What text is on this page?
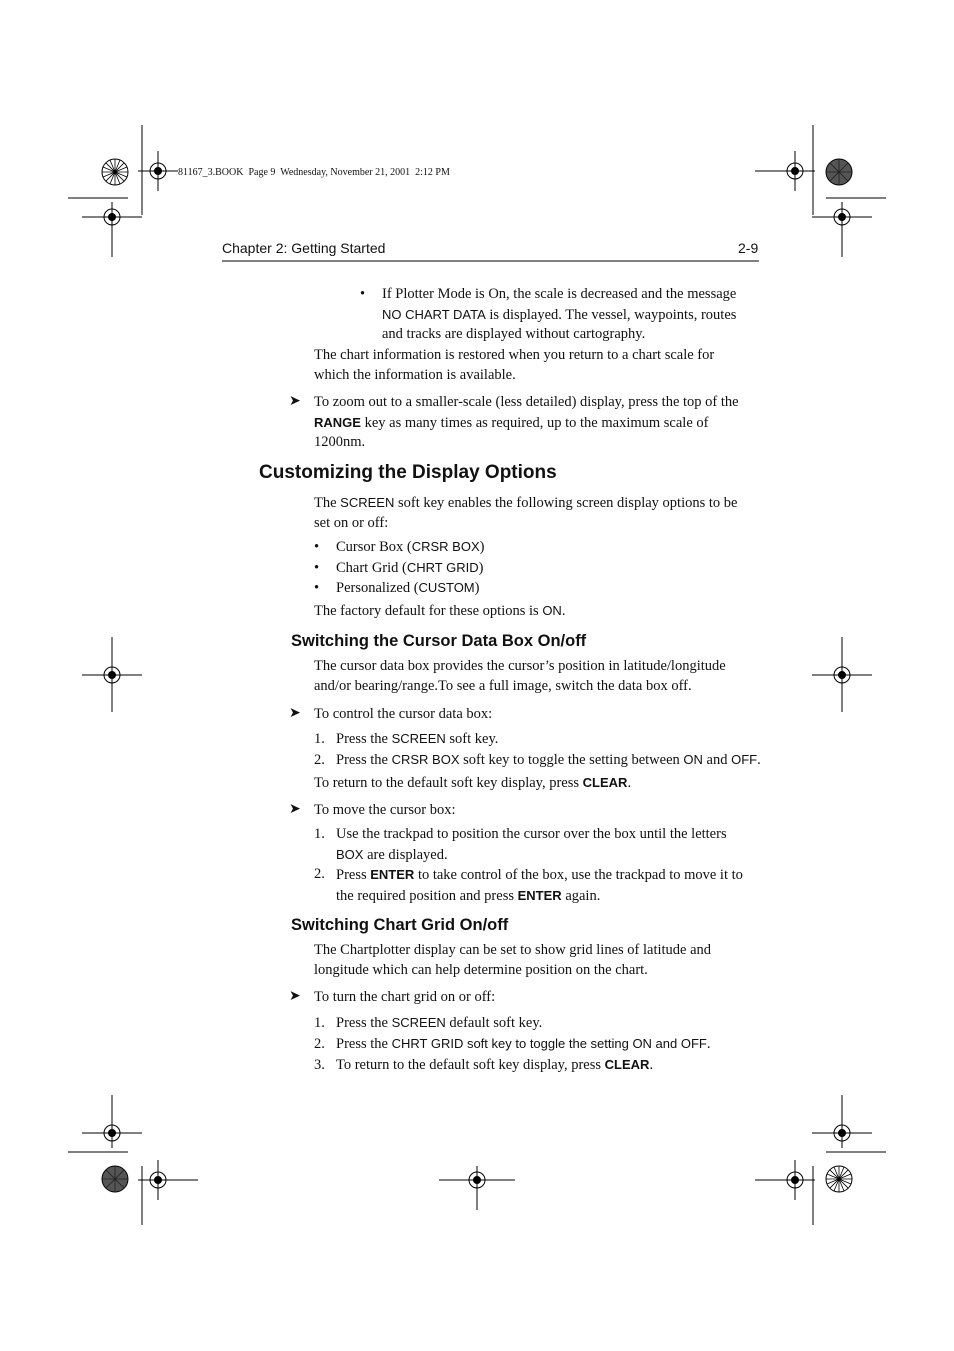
81167_3.BOOK  Page 9  Wednesday, November 21, 2001  2:12 PM
Chapter 2: Getting Started	2-9
• If Plotter Mode is On, the scale is decreased and the message
NO CHART DATA is displayed. The vessel, waypoints, routes
and tracks are displayed without cartography.
The chart information is restored when you return to a chart scale for
which the information is available.
➤ To zoom out to a smaller-scale (less detailed) display, press the top of the
RANGE key as many times as required, up to the maximum scale of
1200nm.
Customizing the Display Options
The SCREEN soft key enables the following screen display options to be
set on or off:
• Cursor Box (CRSR BOX)
• Chart Grid (CHRT GRID)
• Personalized (CUSTOM)
The factory default for these options is ON.
Switching the Cursor Data Box On/off
The cursor data box provides the cursor’s position in latitude/longitude
and/or bearing/range.To see a full image, switch the data box off.
➤ To control the cursor data box:
1. Press the SCREEN soft key.
2. Press the CRSR BOX soft key to toggle the setting between ON and OFF.
To return to the default soft key display, press CLEAR.
➤ To move the cursor box:
1. Use the trackpad to position the cursor over the box until the letters
BOX are displayed.
2. Press ENTER to take control of the box, use the trackpad to move it to
the required position and press ENTER again.
Switching Chart Grid On/off
The Chartplotter display can be set to show grid lines of latitude and
longitude which can help determine position on the chart.
➤ To turn the chart grid on or off:
1. Press the SCREEN default soft key.
2. Press the CHRT GRID soft key to toggle the setting ON and OFF.
3. To return to the default soft key display, press CLEAR.
